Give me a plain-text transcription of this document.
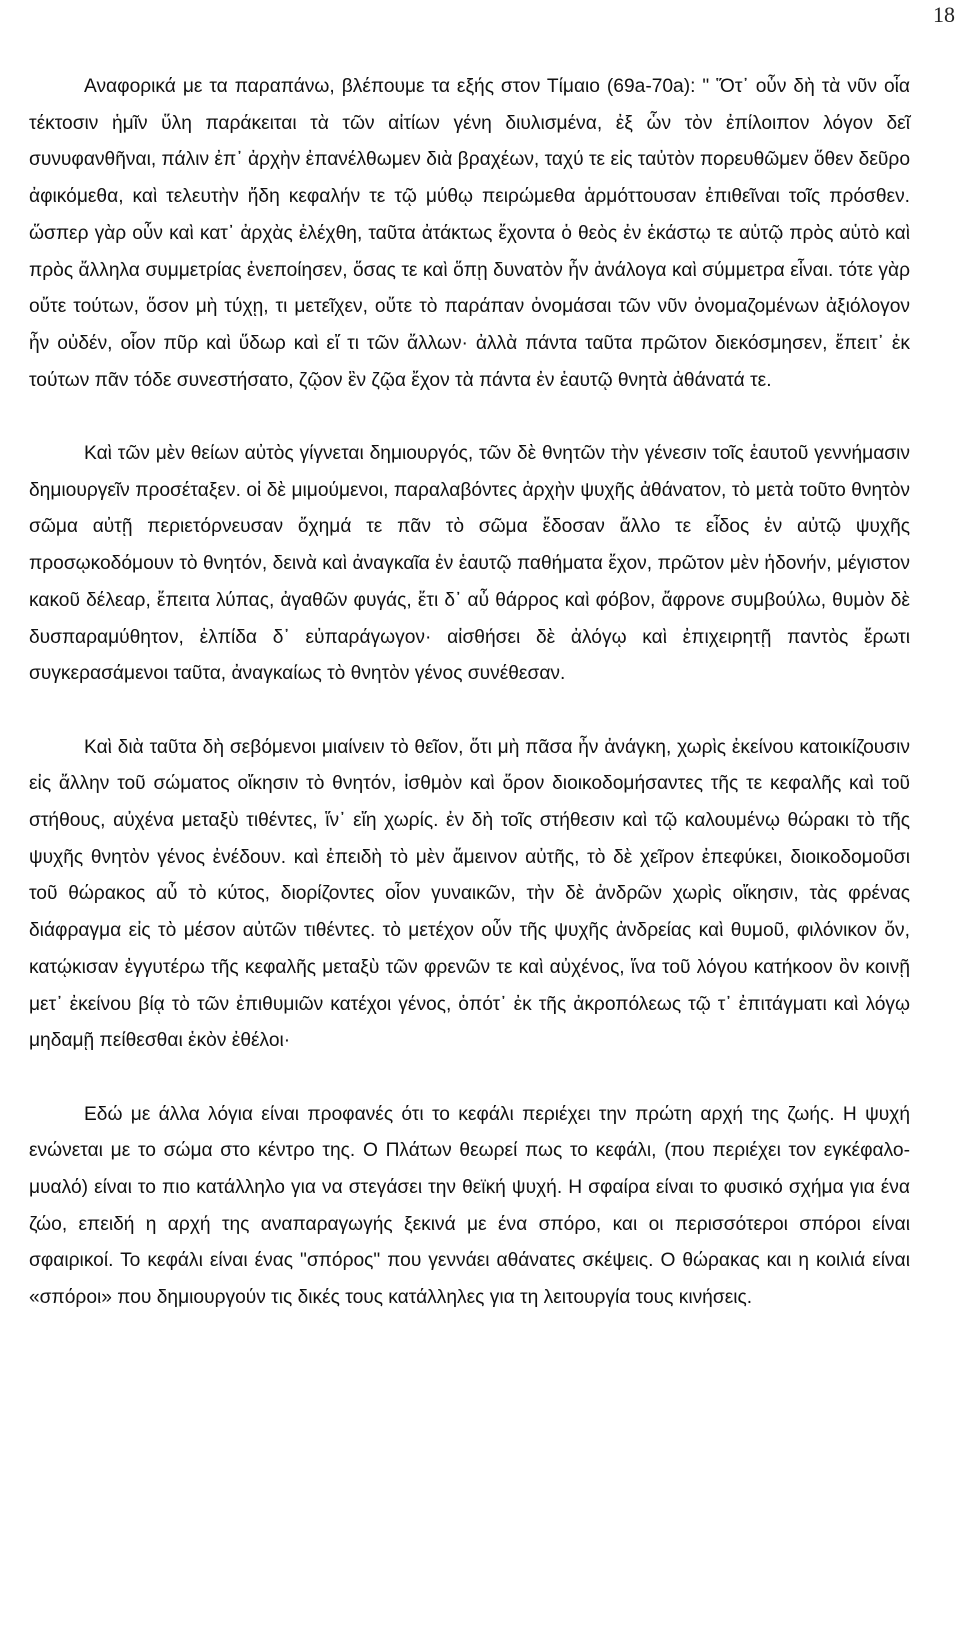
18

Αναφορικά με τα παραπάνω, βλέπουμε τα εξής στον Τίμαιο (69a-70a): " Ὅτ᾽ οὖν δὴ τὰ νῦν οἷα τέκτοσιν ἡμῖν ὕλη παράκειται τὰ τῶν αἰτίων γένη διυλισμένα, ἐξ ὧν τὸν ἐπίλοιπον λόγον δεῖ συνυφανθῆναι, πάλιν ἐπ᾽ ἀρχὴν ἐπανέλθωμεν διὰ βραχέων, ταχύ τε εἰς ταὐτὸν πορευθῶμεν ὅθεν δεῦρο ἀφικόμεθα, καὶ τελευτὴν ἤδη κεφαλήν τε τῷ μύθῳ πειρώμεθα ἁρμόττουσαν ἐπιθεῖναι τοῖς πρόσθεν. ὥσπερ γὰρ οὖν καὶ κατ᾽ ἀρχὰς ἐλέχθη, ταῦτα ἀτάκτως ἔχοντα ὁ θεὸς ἐν ἑκάστῳ τε αὑτῷ πρὸς αὑτὸ καὶ πρὸς ἄλληλα συμμετρίας ἐνεποίησεν, ὅσας τε καὶ ὅπῃ δυνατὸν ἦν ἀνάλογα καὶ σύμμετρα εἶναι. τότε γὰρ οὔτε τούτων, ὅσον μὴ τύχῃ, τι μετεῖχεν, οὔτε τὸ παράπαν ὀνομάσαι τῶν νῦν ὀνομαζομένων ἀξιόλογον ἦν οὐδέν, οἷον πῦρ καὶ ὕδωρ καὶ εἴ τι τῶν ἄλλων· ἀλλὰ πάντα ταῦτα πρῶτον διεκόσμησεν, ἔπειτ᾽ ἐκ τούτων πᾶν τόδε συνεστήσατο, ζῷον ἓν ζῷα ἔχον τὰ πάντα ἐν ἑαυτῷ θνητὰ ἀθάνατά τε.

Καὶ τῶν μὲν θείων αὐτὸς γίγνεται δημιουργός, τῶν δὲ θνητῶν τὴν γένεσιν τοῖς ἑαυτοῦ γεννήμασιν δημιουργεῖν προσέταξεν. οἱ δὲ μιμούμενοι, παραλαβόντες ἀρχὴν ψυχῆς ἀθάνατον, τὸ μετὰ τοῦτο θνητὸν σῶμα αὐτῇ περιετόρνευσαν ὄχημά τε πᾶν τὸ σῶμα ἔδοσαν ἄλλο τε εἶδος ἐν αὐτῷ ψυχῆς προσῳκοδόμουν τὸ θνητόν, δεινὰ καὶ ἀναγκαῖα ἐν ἑαυτῷ παθήματα ἔχον, πρῶτον μὲν ἡδονήν, μέγιστον κακοῦ δέλεαρ, ἔπειτα λύπας, ἀγαθῶν φυγάς, ἔτι δ᾽ αὖ θάρρος καὶ φόβον, ἄφρονε συμβούλω, θυμὸν δὲ δυσπαραμύθητον, ἐλπίδα δ᾽ εὐπαράγωγον· αἰσθήσει δὲ ἀλόγῳ καὶ ἐπιχειρητῇ παντὸς ἔρωτι συγκερασάμενοι ταῦτα, ἀναγκαίως τὸ θνητὸν γένος συνέθεσαν.

Καὶ διὰ ταῦτα δὴ σεβόμενοι μιαίνειν τὸ θεῖον, ὅτι μὴ πᾶσα ἦν ἀνάγκη, χωρὶς ἐκείνου κατοικίζουσιν εἰς ἄλλην τοῦ σώματος οἴκησιν τὸ θνητόν, ἰσθμὸν καὶ ὅρον διοικοδομήσαντες τῆς τε κεφαλῆς καὶ τοῦ στήθους, αὐχένα μεταξὺ τιθέντες, ἵν᾽ εἴη χωρίς. ἐν δὴ τοῖς στήθεσιν καὶ τῷ καλουμένῳ θώρακι τὸ τῆς ψυχῆς θνητὸν γένος ἐνέδουν. καὶ ἐπειδὴ τὸ μὲν ἄμεινον αὐτῆς, τὸ δὲ χεῖρον ἐπεφύκει, διοικοδομοῦσι τοῦ θώρακος αὖ τὸ κύτος, διορίζοντες οἷον γυναικῶν, τὴν δὲ ἀνδρῶν χωρὶς οἴκησιν, τὰς φρένας διάφραγμα εἰς τὸ μέσον αὐτῶν τιθέντες. τὸ μετέχον οὖν τῆς ψυχῆς ἀνδρείας καὶ θυμοῦ, φιλόνικον ὄν, κατῴκισαν ἐγγυτέρω τῆς κεφαλῆς μεταξὺ τῶν φρενῶν τε καὶ αὐχένος, ἵνα τοῦ λόγου κατήκοον ὂν κοινῇ μετ᾽ ἐκείνου βίᾳ τὸ τῶν ἐπιθυμιῶν κατέχοι γένος, ὁπότ᾽ ἐκ τῆς ἀκροπόλεως τῷ τ᾽ ἐπιτάγματι καὶ λόγῳ μηδαμῇ πείθεσθαι ἑκὸν ἐθέλοι·

Εδώ με άλλα λόγια είναι προφανές ότι το κεφάλι περιέχει την πρώτη αρχή της ζωής. Η ψυχή ενώνεται με το σώμα στο κέντρο της. Ο Πλάτων θεωρεί πως το κεφάλι, (που περιέχει τον εγκέφαλο-μυαλό) είναι το πιο κατάλληλο για να στεγάσει την θεϊκή ψυχή. Η σφαίρα είναι το φυσικό σχήμα για ένα ζώο, επειδή η αρχή της αναπαραγωγής ξεκινά με ένα σπόρο, και οι περισσότεροι σπόροι είναι σφαιρικοί. Το κεφάλι είναι ένας "σπόρος" που γεννάει αθάνατες σκέψεις. Ο θώρακας και η κοιλιά είναι «σπόροι» που δημιουργούν τις δικές τους κατάλληλες για τη λειτουργία τους κινήσεις.
